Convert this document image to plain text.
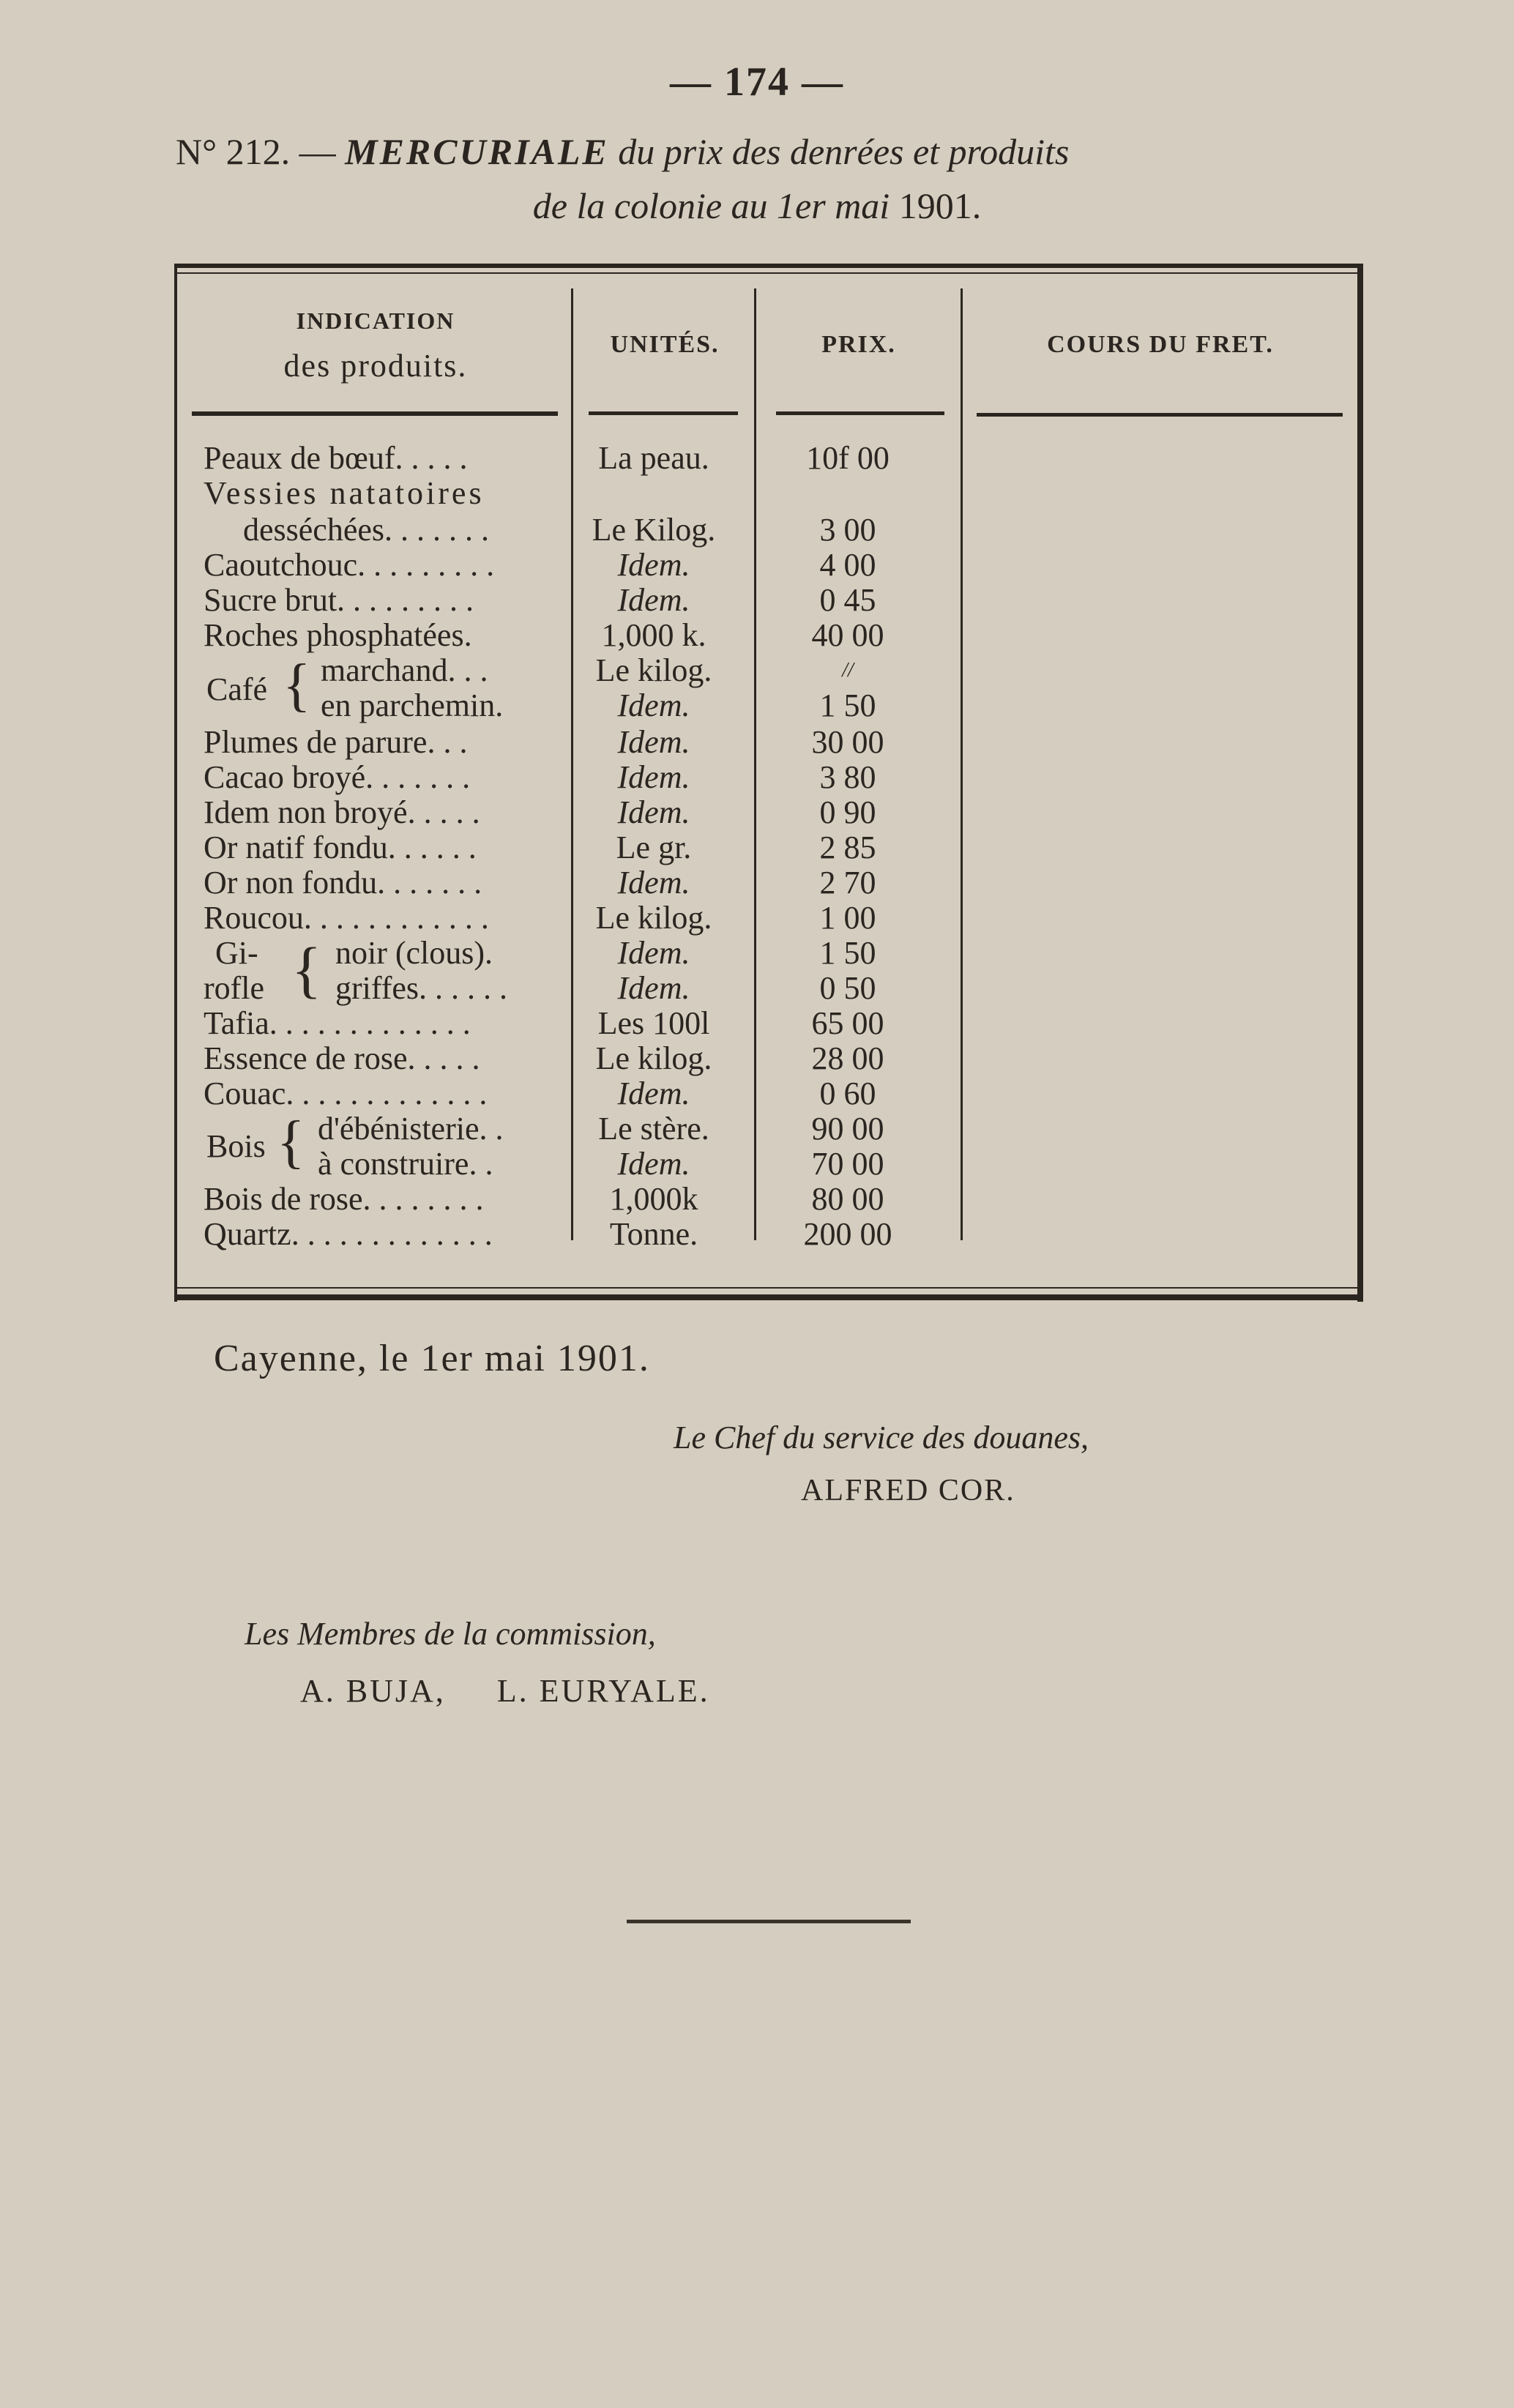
— 174 —
N° 212. — MERCURIALE du prix des denrées et produits
de la colonie au 1er mai 1901.
INDICATION
des produits.
UNITÉS.	PRIX.	COURS DU FRET.
Peaux de bœuf. . . . .	La peau.	10f 00
Vessies natatoires
desséchées. . . . . . .	Le Kilog.	3 00
Caoutchouc. . . . . . . . .	Idem.	4 00
Sucre brut. . . . . . . . .	Idem.	0 45
Roches phosphatées.	1,000 k.	40 00
Café { marchand. . .	Le kilog.	//
en parchemin.	Idem.	1 50
Plumes de parure. . .	Idem.	30 00
Cacao broyé. . . . . . .	Idem.	3 80
Idem non broyé. . . . .	Idem.	0 90
Or natif fondu. . . . . .	Le gr.	2 85
Or non fondu. . . . . . .	Idem.	2 70
Roucou. . . . . . . . . . . .	Le kilog.	1 00
Gi-
rofle { noir (clous).	Idem.	1 50
griffes. . . . . .	Idem.	0 50
Tafia. . . . . . . . . . . . .	Les 100l	65 00
Essence de rose. . . . .	Le kilog.	28 00
Couac. . . . . . . . . . . . .	Idem.	0 60
Bois { d'ébénisterie. .	Le stère.	90 00
à construire. .	Idem.	70 00
Bois de rose. . . . . . . .	1,000k	80 00
Quartz. . . . . . . . . . . . .	Tonne.	200 00
Cayenne, le 1er mai 1901.
Le Chef du service des douanes,
ALFRED COR.
Les Membres de la commission,
A. BUJA,     L. EURYALE.
